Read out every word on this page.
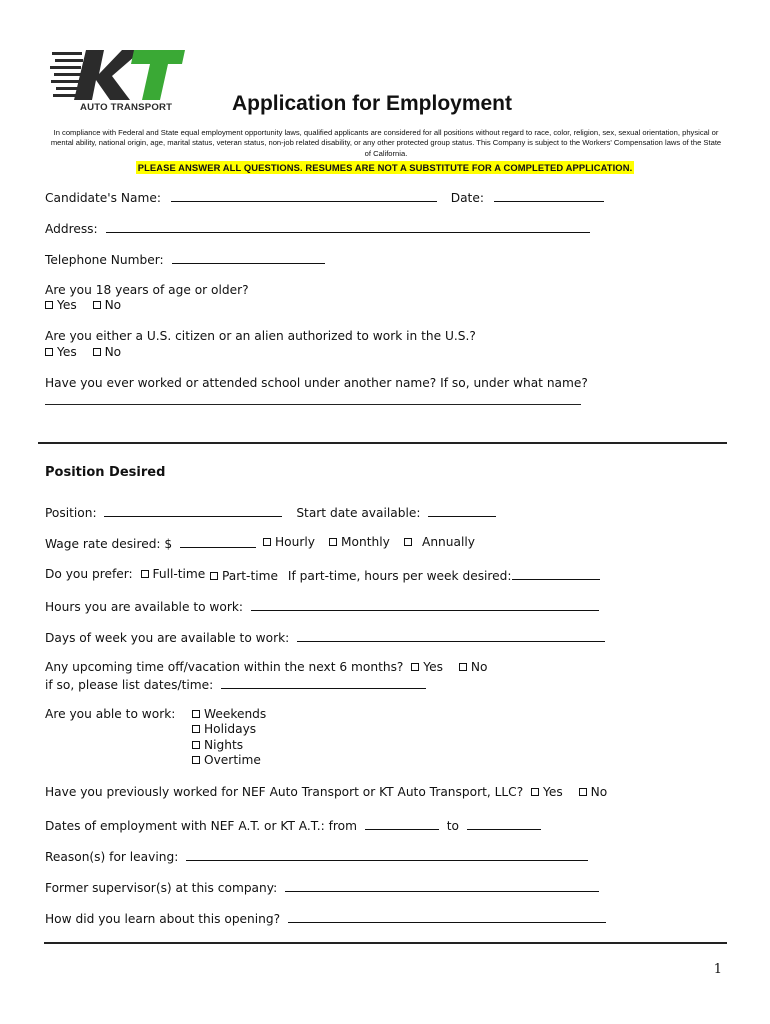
AUTO TRANSPORT	Application for Employment
In compliance with Federal and State equal employment opportunity laws, qualified applicants are considered for all positions without regard to race, color, religion, sex, sexual orientation, physical or mental ability, national origin, age, marital status, veteran status, non-job related disability, or any other protected group status. This Company is subject to the Workers' Compensation laws of the State of California.
PLEASE ANSWER ALL QUESTIONS. RESUMES ARE NOT A SUBSTITUTE FOR A COMPLETED APPLICATION.
Candidate's Name:	Date:
Address:
Telephone Number:
Are you 18 years of age or older?
Yes No
Are you either a U.S. citizen or an alien authorized to work in the U.S.?
Yes No
Have you ever worked or attended school under another name? If so, under what name?
Position Desired
Position:	Start date available:
Wage rate desired: $	Hourly	Monthly	Annually
Do you prefer: Full-time	Part-time If part-time, hours per week desired:
Hours you are available to work:
Days of week you are available to work:
Any upcoming time off/vacation within the next 6 months? Yes No
if so, please list dates/time:
Are you able to work:	Weekends
Holidays
Nights
Overtime
Have you previously worked for NEF Auto Transport or KT Auto Transport, LLC? Yes No
Dates of employment with NEF A.T. or KT A.T.: from	to
Reason(s) for leaving:
Former supervisor(s) at this company:
How did you learn about this opening?
1
